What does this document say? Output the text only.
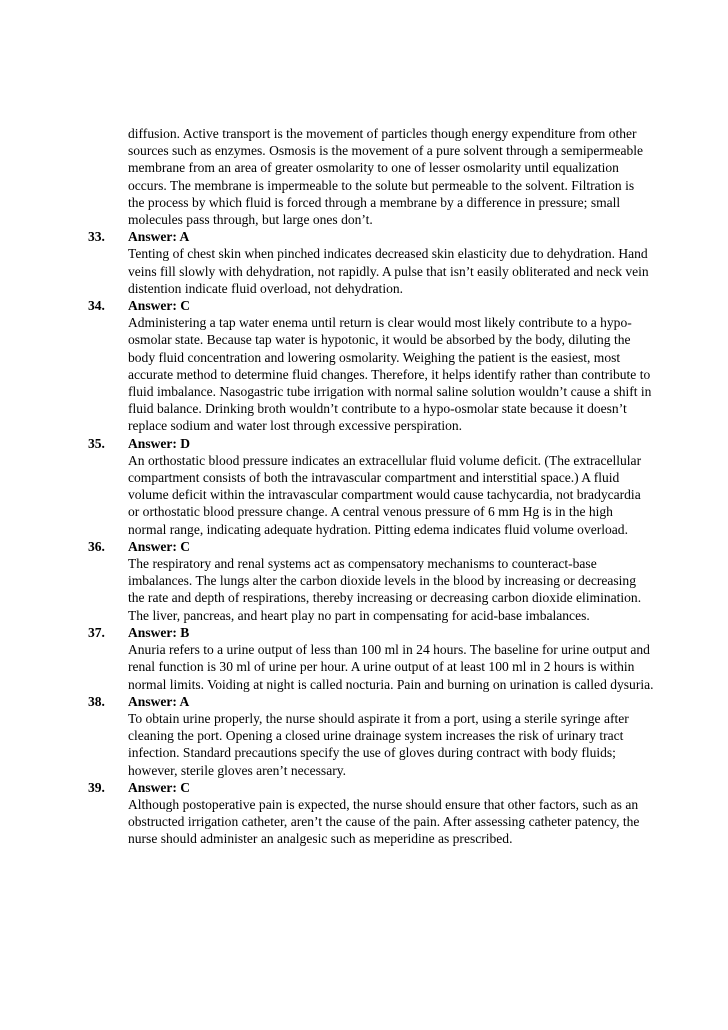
diffusion. Active transport is the movement of particles though energy expenditure from other sources such as enzymes. Osmosis is the movement of a pure solvent through a semipermeable membrane from an area of greater osmolarity to one of lesser osmolarity until equalization occurs. The membrane is impermeable to the solute but permeable to the solvent. Filtration is the process by which fluid is forced through a membrane by a difference in pressure; small molecules pass through, but large ones don’t.

33.	Answer: A

Tenting of chest skin when pinched indicates decreased skin elasticity due to dehydration. Hand veins fill slowly with dehydration, not rapidly. A pulse that isn’t easily obliterated and neck vein distention indicate fluid overload, not dehydration.

34.	Answer: C

Administering a tap water enema until return is clear would most likely contribute to a hypo-osmolar state. Because tap water is hypotonic, it would be absorbed by the body, diluting the body fluid concentration and lowering osmolarity. Weighing the patient is the easiest, most accurate method to determine fluid changes. Therefore, it helps identify rather than contribute to fluid imbalance. Nasogastric tube irrigation with normal saline solution wouldn’t cause a shift in fluid balance. Drinking broth wouldn’t contribute to a hypo-osmolar state because it doesn’t replace sodium and water lost through excessive perspiration.

35.	Answer: D

An orthostatic blood pressure indicates an extracellular fluid volume deficit. (The extracellular compartment consists of both the intravascular compartment and interstitial space.) A fluid volume deficit within the intravascular compartment would cause tachycardia, not bradycardia or orthostatic blood pressure change. A central venous pressure of 6 mm Hg is in the high normal range, indicating adequate hydration. Pitting edema indicates fluid volume overload.

36.	Answer: C

The respiratory and renal systems act as compensatory mechanisms to counteract-base imbalances. The lungs alter the carbon dioxide levels in the blood by increasing or decreasing the rate and depth of respirations, thereby increasing or decreasing carbon dioxide elimination. The liver, pancreas, and heart play no part in compensating for acid-base imbalances.

37.	Answer: B

Anuria refers to a urine output of less than 100 ml in 24 hours. The baseline for urine output and renal function is 30 ml of urine per hour. A urine output of at least 100 ml in 2 hours is within normal limits. Voiding at night is called nocturia. Pain and burning on urination is called dysuria.

38.	Answer: A

To obtain urine properly, the nurse should aspirate it from a port, using a sterile syringe after cleaning the port. Opening a closed urine drainage system increases the risk of urinary tract infection. Standard precautions specify the use of gloves during contract with body fluids; however, sterile gloves aren’t necessary.

39.	Answer: C

Although postoperative pain is expected, the nurse should ensure that other factors, such as an obstructed irrigation catheter, aren’t the cause of the pain. After assessing catheter patency, the nurse should administer an analgesic such as meperidine as prescribed.
